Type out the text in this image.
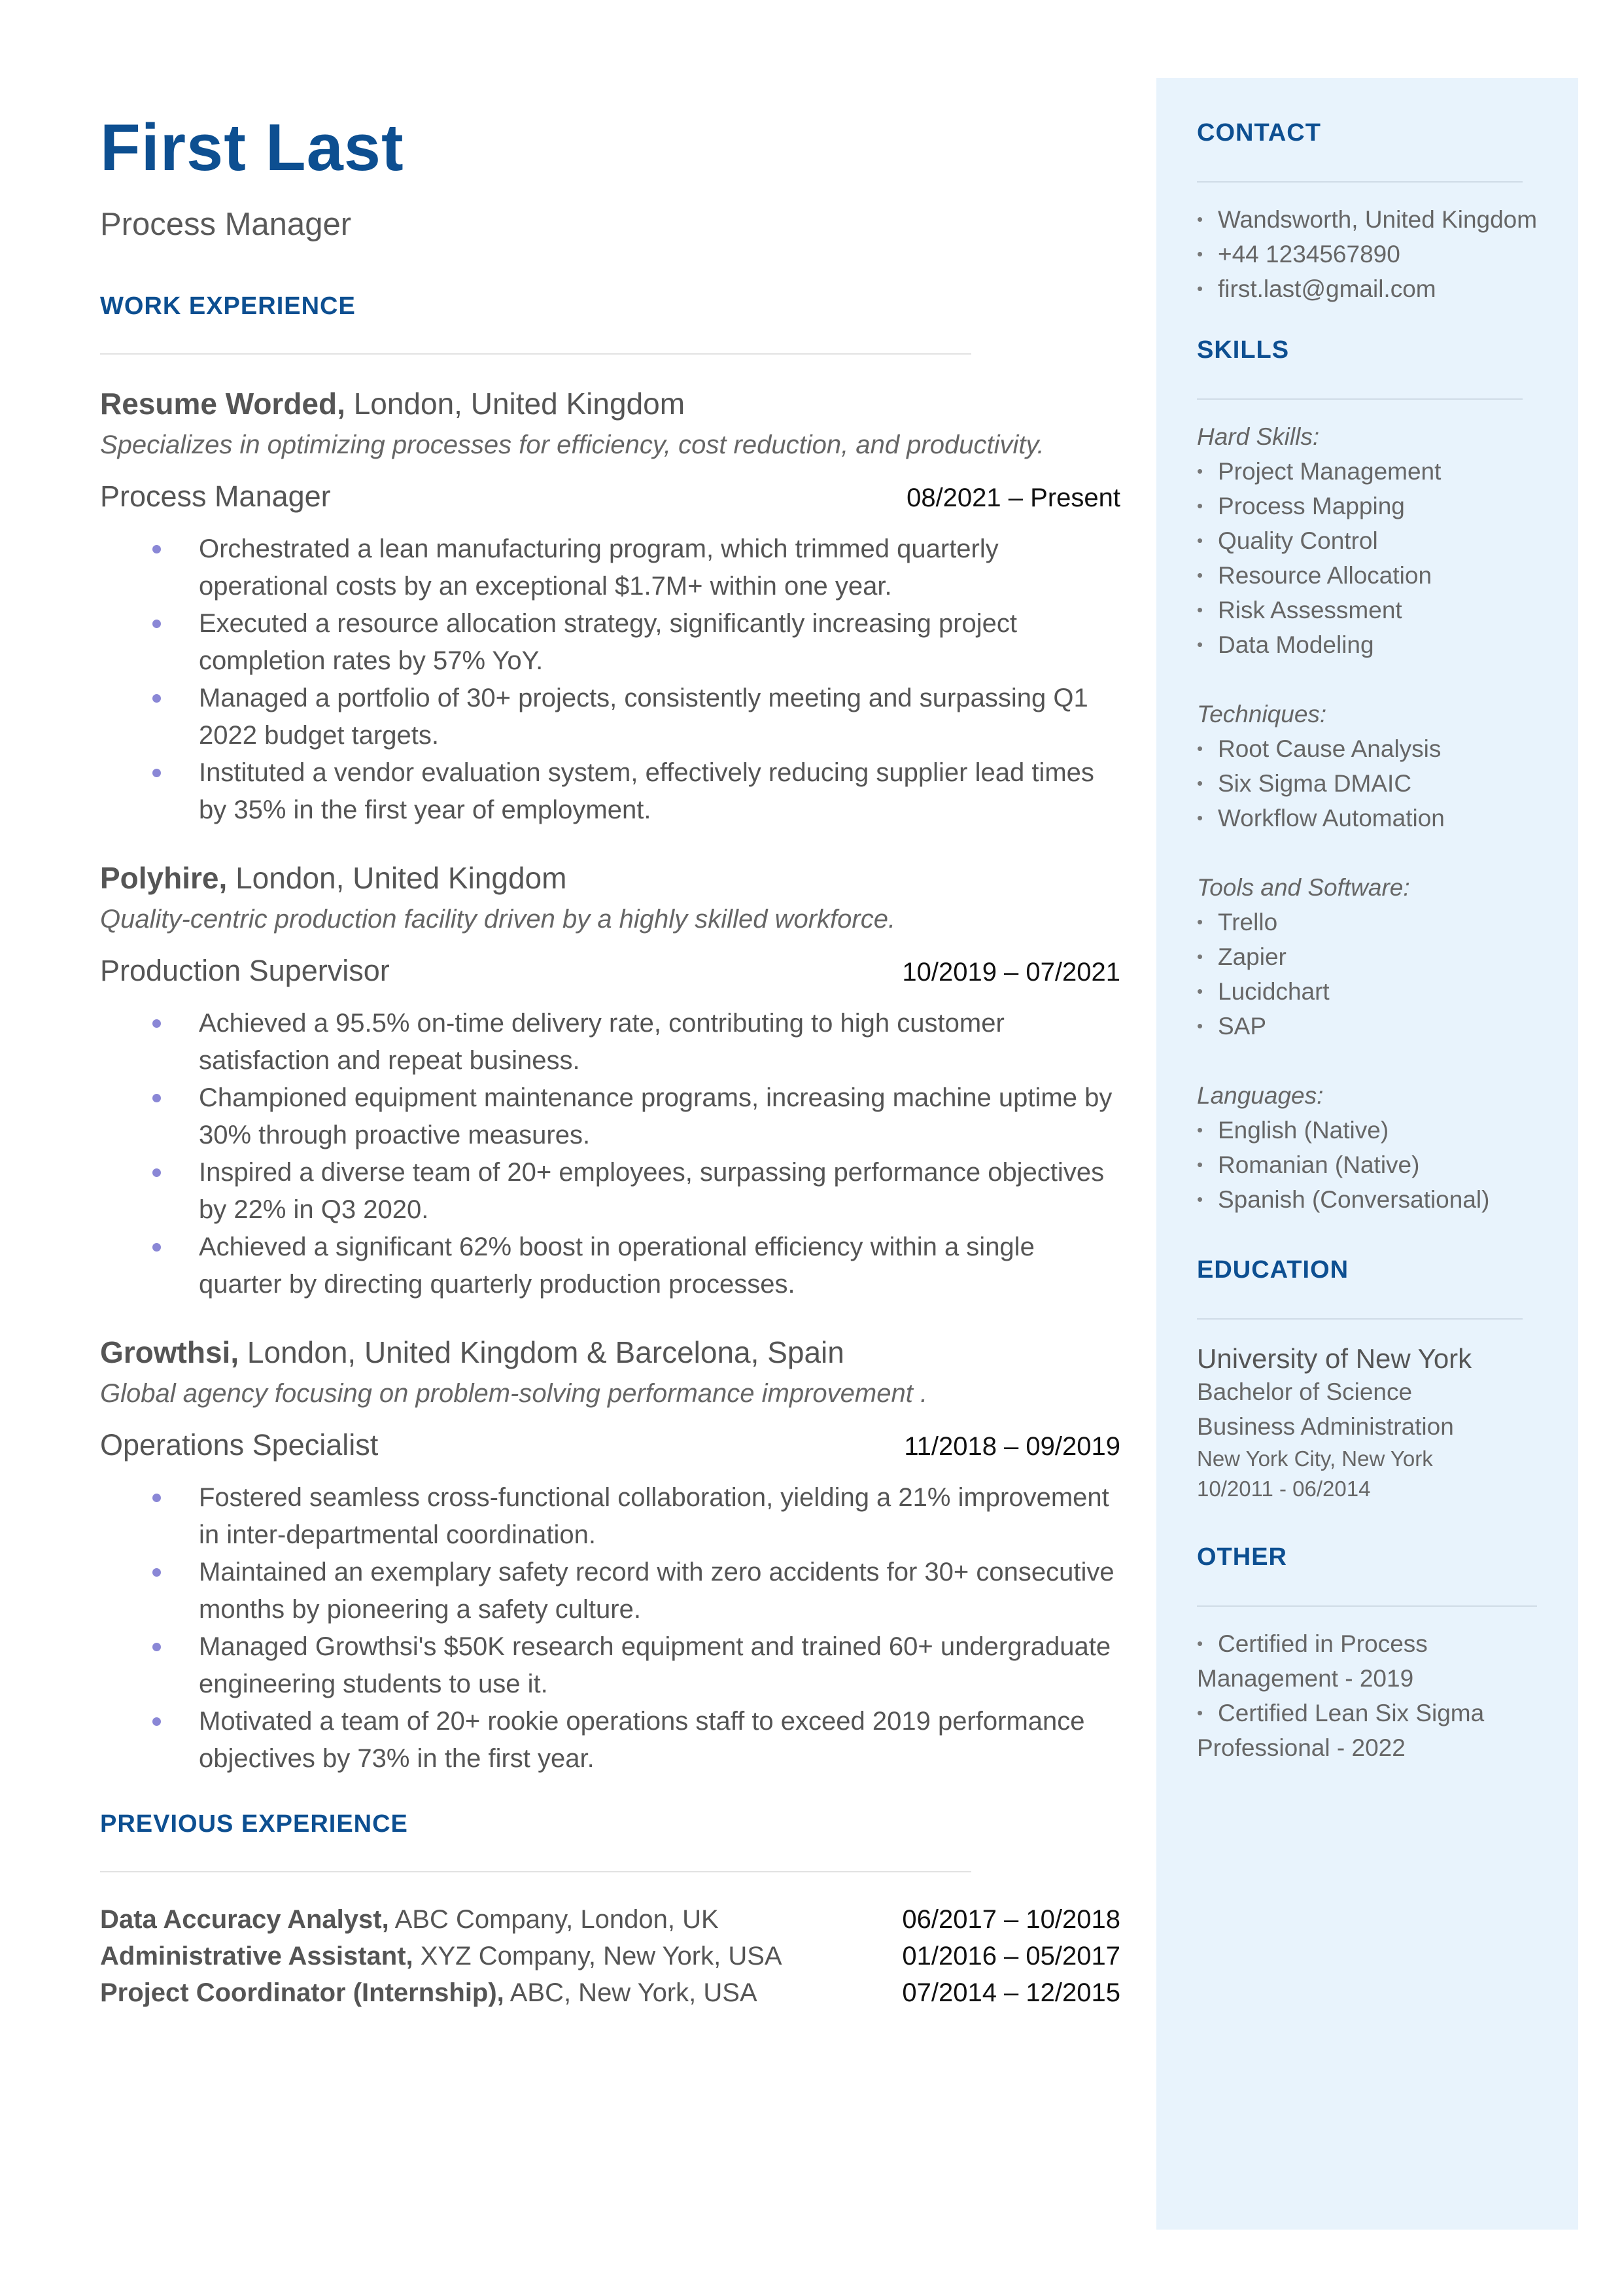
First Last
Process Manager
WORK EXPERIENCE
Resume Worded, London, United Kingdom
Specializes in optimizing processes for efficiency, cost reduction, and productivity.
Process Manager	08/2021 – Present
Orchestrated a lean manufacturing program, which trimmed quarterly operational costs by an exceptional $1.7M+ within one year.
Executed a resource allocation strategy, significantly increasing project completion rates by 57% YoY.
Managed a portfolio of 30+ projects, consistently meeting and surpassing Q1 2022 budget targets.
Instituted a vendor evaluation system, effectively reducing supplier lead times by 35% in the first year of employment.
Polyhire, London, United Kingdom
Quality-centric production facility driven by a highly skilled workforce.
Production Supervisor	10/2019 – 07/2021
Achieved a 95.5% on-time delivery rate, contributing to high customer satisfaction and repeat business.
Championed equipment maintenance programs, increasing machine uptime by 30% through proactive measures.
Inspired a diverse team of 20+ employees, surpassing performance objectives by 22% in Q3 2020.
Achieved a significant 62% boost in operational efficiency within a single quarter by directing quarterly production processes.
Growthsi, London, United Kingdom & Barcelona, Spain
Global agency focusing on problem-solving performance improvement .
Operations Specialist	11/2018 – 09/2019
Fostered seamless cross-functional collaboration, yielding a 21% improvement in inter-departmental coordination.
Maintained an exemplary safety record with zero accidents for 30+ consecutive months by pioneering a safety culture.
Managed Growthsi's $50K research equipment and trained 60+ undergraduate engineering students to use it.
Motivated a team of 20+ rookie operations staff to exceed 2019 performance objectives by 73% in the first year.
PREVIOUS EXPERIENCE
Data Accuracy Analyst, ABC Company, London, UK	06/2017 – 10/2018
Administrative Assistant, XYZ Company, New York, USA	01/2016 – 05/2017
Project Coordinator (Internship), ABC, New York, USA	07/2014 – 12/2015
CONTACT
• Wandsworth, United Kingdom
• +44 1234567890
• first.last@gmail.com
SKILLS
Hard Skills:
• Project Management
• Process Mapping
• Quality Control
• Resource Allocation
• Risk Assessment
• Data Modeling
Techniques:
• Root Cause Analysis
• Six Sigma DMAIC
• Workflow Automation
Tools and Software:
• Trello
• Zapier
• Lucidchart
• SAP
Languages:
• English (Native)
• Romanian (Native)
• Spanish (Conversational)
EDUCATION
University of New York
Bachelor of Science
Business Administration
New York City, New York
10/2011 - 06/2014
OTHER
• Certified in Process Management - 2019
• Certified Lean Six Sigma Professional - 2022
